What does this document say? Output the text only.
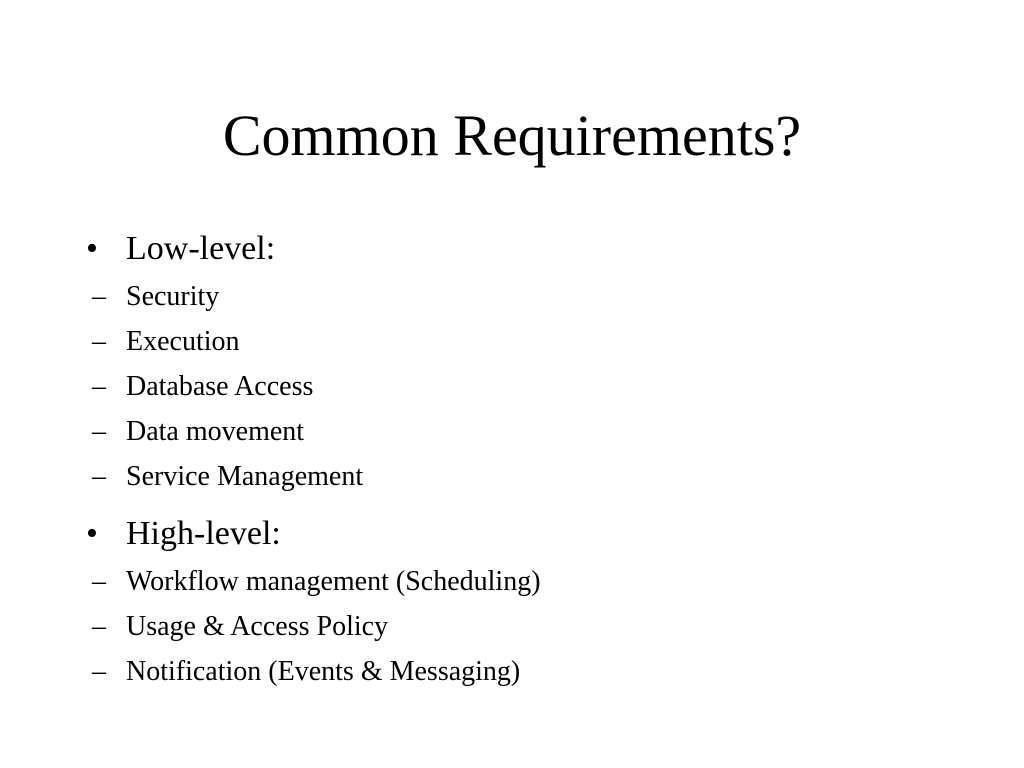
Common Requirements?
• Low-level:
– Security
– Execution
– Database Access
– Data movement
– Service Management
• High-level:
– Workflow management (Scheduling)
– Usage & Access Policy
– Notification (Events & Messaging)
